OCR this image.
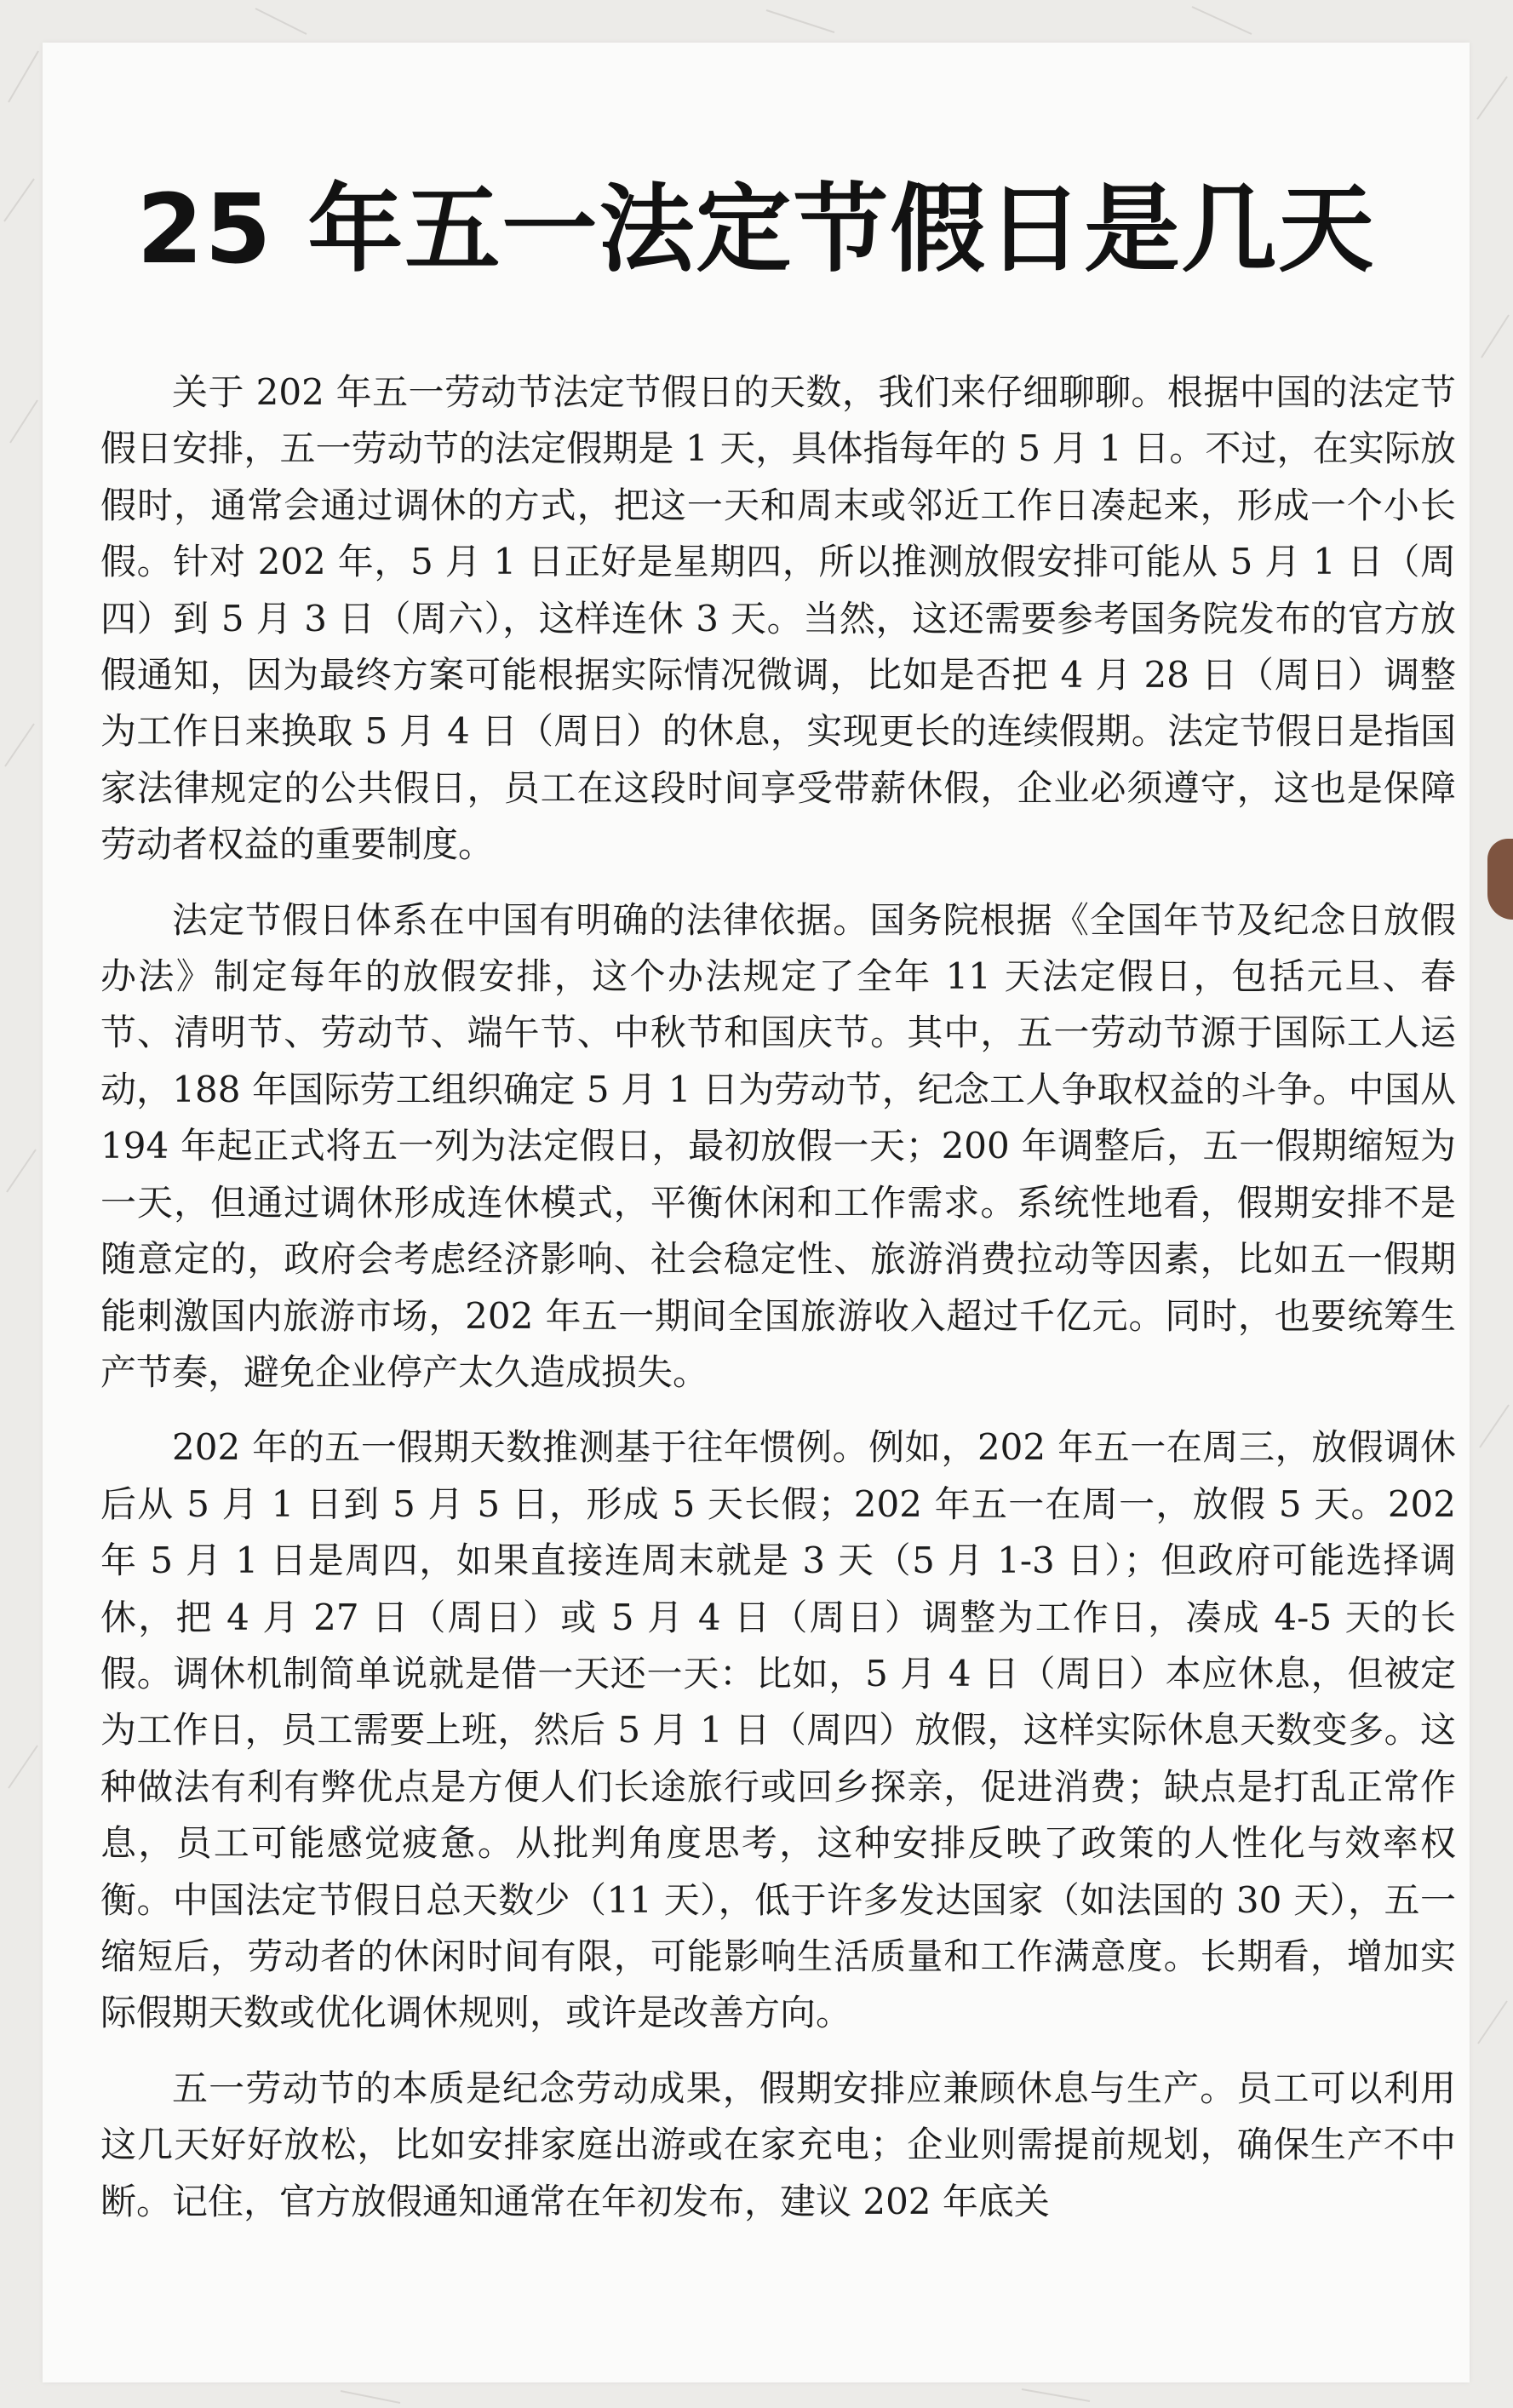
25 年五一法定节假日是几天

关于 202 年五一劳动节法定节假日的天数，我们来仔细聊聊。根据中国的法定节假日安排，五一劳动节的法定假期是 1 天，具体指每年的 5 月 1 日。不过，在实际放假时，通常会通过调休的方式，把这一天和周末或邻近工作日凑起来，形成一个小长假。针对 202 年，5 月 1 日正好是星期四，所以推测放假安排可能从 5 月 1 日（周四）到 5 月 3 日（周六），这样连休 3 天。当然，这还需要参考国务院发布的官方放假通知，因为最终方案可能根据实际情况微调，比如是否把 4 月 28 日（周日）调整为工作日来换取 5 月 4 日（周日）的休息，实现更长的连续假期。法定节假日是指国家法律规定的公共假日，员工在这段时间享受带薪休假，企业必须遵守，这也是保障劳动者权益的重要制度。

法定节假日体系在中国有明确的法律依据。国务院根据《全国年节及纪念日放假办法》制定每年的放假安排，这个办法规定了全年 11 天法定假日，包括元旦、春节、清明节、劳动节、端午节、中秋节和国庆节。其中，五一劳动节源于国际工人运动，188 年国际劳工组织确定 5 月 1 日为劳动节，纪念工人争取权益的斗争。中国从 194 年起正式将五一列为法定假日，最初放假一天；200 年调整后，五一假期缩短为一天，但通过调休形成连休模式，平衡休闲和工作需求。系统性地看，假期安排不是随意定的，政府会考虑经济影响、社会稳定性、旅游消费拉动等因素，比如五一假期能刺激国内旅游市场，202 年五一期间全国旅游收入超过千亿元。同时，也要统筹生产节奏，避免企业停产太久造成损失。

202 年的五一假期天数推测基于往年惯例。例如，202 年五一在周三，放假调休后从 5 月 1 日到 5 月 5 日，形成 5 天长假；202 年五一在周一，放假 5 天。202 年 5 月 1 日是周四，如果直接连周末就是 3 天（5 月 1-3 日）；但政府可能选择调休，把 4 月 27 日（周日）或 5 月 4 日（周日）调整为工作日，凑成 4-5 天的长假。调休机制简单说就是借一天还一天：比如，5 月 4 日（周日）本应休息，但被定为工作日，员工需要上班，然后 5 月 1 日（周四）放假，这样实际休息天数变多。这种做法有利有弊优点是方便人们长途旅行或回乡探亲，促进消费；缺点是打乱正常作息，员工可能感觉疲惫。从批判角度思考，这种安排反映了政策的人性化与效率权衡。中国法定节假日总天数少（11 天），低于许多发达国家（如法国的 30 天），五一缩短后，劳动者的休闲时间有限，可能影响生活质量和工作满意度。长期看，增加实际假期天数或优化调休规则，或许是改善方向。

五一劳动节的本质是纪念劳动成果，假期安排应兼顾休息与生产。员工可以利用这几天好好放松，比如安排家庭出游或在家充电；企业则需提前规划，确保生产不中断。记住，官方放假通知通常在年初发布，建议 202 年底关
